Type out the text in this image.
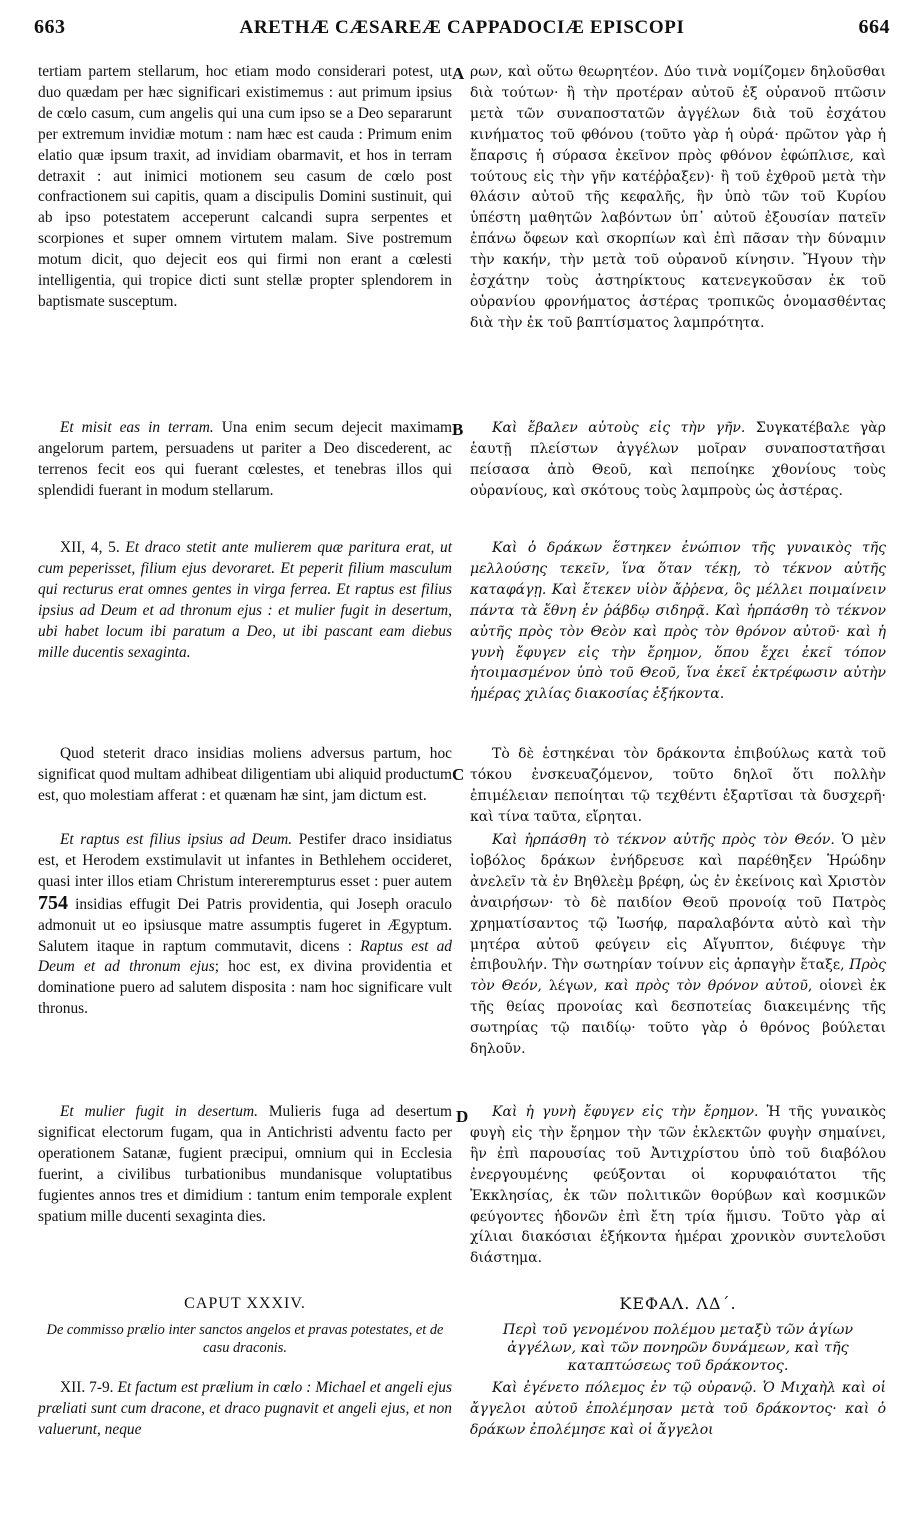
663	ARETHÆ CÆSAREÆ CAPPADOCIÆ EPISCOPI	664
A
B
C
D

tertiam partem stellarum, hoc etiam modo considerari potest, ut duo quædam per hæc significari existimemus : aut primum ipsius de cœlo casum, cum angelis qui una cum ipso se a Deo separarunt per extremum invidiæ motum : nam hæc est cauda : Primum enim elatio quæ ipsum traxit, ad invidiam obarmavit, et hos in terram detraxit : aut inimici motionem seu casum de cœlo post confractionem sui capitis, quam a discipulis Domini sustinuit, qui ab ipso potestatem acceperunt calcandi supra serpentes et scorpiones et super omnem virtutem malam. Sive postremum motum dicit, quo dejecit eos qui firmi non erant a cœlesti intelligentia, qui tropice dicti sunt stellæ propter splendorem in baptismate susceptum.

Et misit eas in terram. Una enim secum dejecit maximam angelorum partem, persuadens ut pariter a Deo discederent, ac terrenos fecit eos qui fuerant cœlestes, et tenebras illos qui splendidi fuerant in modum stellarum.

XII, 4, 5. Et draco stetit ante mulierem quæ paritura erat, ut cum peperisset, filium ejus devoraret. Et peperit filium masculum qui recturus erat omnes gentes in virga ferrea. Et raptus est filius ipsius ad Deum et ad thronum ejus : et mulier fugit in desertum, ubi habet locum ibi paratum a Deo, ut ibi pascant eam diebus mille ducentis sexaginta.

Quod steterit draco insidias moliens adversus partum, hoc significat quod multam adhibeat diligentiam ubi aliquid productum est, quo molestiam afferat : et quænam hæ sint, jam dictum est.

Et raptus est filius ipsius ad Deum. Pestifer draco insidiatus est, et Herodem exstimulavit ut infantes in Bethlehem occideret, quasi inter illos etiam Christum intererempturus esset : puer autem 754 insidias effugit Dei Patris providentia, qui Joseph oraculo admonuit ut eo ipsiusque matre assumptis fugeret in Ægyptum. Salutem itaque in raptum commutavit, dicens : Raptus est ad Deum et ad thronum ejus; hoc est, ex divina providentia et dominatione puero ad salutem disposita : nam hoc significare vult thronus.

Et mulier fugit in desertum. Mulieris fuga ad desertum significat electorum fugam, qua in Antichristi adventu facto per operationem Satanæ, fugient præcipui, omnium qui in Ecclesia fuerint, a civilibus turbationibus mundanisque voluptatibus fugientes annos tres et dimidium : tantum enim temporale explent spatium mille ducenti sexaginta dies.

CAPUT XXXIV.

De commisso prælio inter sanctos angelos et pravas potestates, et de casu draconis.

XII. 7-9. Et factum est prælium in cœlo : Michael et angeli ejus præliati sunt cum dracone, et draco pugnavit et angeli ejus, et non valuerunt, neque

ρων, καὶ οὕτω θεωρητέον. Δύο τινὰ νομίζομεν δηλοῦσθαι διὰ τούτων· ἢ τὴν προτέραν αὐτοῦ ἐξ οὐρανοῦ πτῶσιν μετὰ τῶν συναποστατῶν ἀγγέλων διὰ τοῦ ἐσχάτου κινήματος τοῦ φθόνου (τοῦτο γὰρ ἡ οὐρά· πρῶτον γὰρ ἡ ἔπαρσις ἡ σύρασα ἐκεῖνον πρὸς φθόνον ἐφώπλισε, καὶ τούτους εἰς τὴν γῆν κατέῤῥαξεν)· ἢ τοῦ ἐχθροῦ μετὰ τὴν θλάσιν αὐτοῦ τῆς κεφαλῆς, ἣν ὑπὸ τῶν τοῦ Κυρίου ὑπέστη μαθητῶν λαβόντων ὑπ᾿ αὐτοῦ ἐξουσίαν πατεῖν ἐπάνω ὄφεων καὶ σκορπίων καὶ ἐπὶ πᾶσαν τὴν δύναμιν τὴν κακήν, τὴν μετὰ τοῦ οὐρανοῦ κίνησιν. Ἤγουν τὴν ἐσχάτην τοὺς ἀστηρίκτους κατενεγκοῦσαν ἐκ τοῦ οὐρανίου φρονήματος ἀστέρας τροπικῶς ὀνομασθέντας διὰ τὴν ἐκ τοῦ βαπτίσματος λαμπρότητα.

Καὶ ἔβαλεν αὐτοὺς εἰς τὴν γῆν. Συγκατέβαλε γὰρ ἑαυτῇ πλείστων ἀγγέλων μοῖραν συναποστατῆσαι πείσασα ἀπὸ Θεοῦ, καὶ πεποίηκε χθονίους τοὺς οὐρανίους, καὶ σκότους τοὺς λαμπροὺς ὡς ἀστέρας.

Καὶ ὁ δράκων ἕστηκεν ἐνώπιον τῆς γυναικὸς τῆς μελλούσης τεκεῖν, ἵνα ὅταν τέκῃ, τὸ τέκνον αὐτῆς καταφάγῃ. Καὶ ἔτεκεν υἱὸν ἄῤῥενα, ὃς μέλλει ποιμαίνειν πάντα τὰ ἔθνη ἐν ῥάβδῳ σιδηρᾷ. Καὶ ἡρπάσθη τὸ τέκνον αὐτῆς πρὸς τὸν Θεὸν καὶ πρὸς τὸν θρόνον αὐτοῦ· καὶ ἡ γυνὴ ἔφυγεν εἰς τὴν ἔρημον, ὅπου ἔχει ἐκεῖ τόπον ἡτοιμασμένον ὑπὸ τοῦ Θεοῦ, ἵνα ἐκεῖ ἐκτρέφωσιν αὐτὴν ἡμέρας χιλίας διακοσίας ἑξήκοντα.

Τὸ δὲ ἑστηκέναι τὸν δράκοντα ἐπιβούλως κατὰ τοῦ τόκου ἐνσκευαζόμενον, τοῦτο δηλοῖ ὅτι πολλὴν ἐπιμέλειαν πεποίηται τῷ τεχθέντι ἐξαρτῖσαι τὰ δυσχερῆ· καὶ τίνα ταῦτα, εἴρηται.

Καὶ ἡρπάσθη τὸ τέκνον αὐτῆς πρὸς τὸν Θεόν. Ὁ μὲν ἰοβόλος δράκων ἐνήδρευσε καὶ παρέθηξεν Ἡρώδην ἀνελεῖν τὰ ἐν Βηθλεὲμ βρέφη, ὡς ἐν ἐκείνοις καὶ Χριστὸν ἀναιρήσων· τὸ δὲ παιδίον Θεοῦ προνοίᾳ τοῦ Πατρὸς χρηματίσαντος τῷ Ἰωσήφ, παραλαβόντα αὐτὸ καὶ τὴν μητέρα αὐτοῦ φεύγειν εἰς Αἴγυπτον, διέφυγε τὴν ἐπιβουλήν. Τὴν σωτηρίαν τοίνυν εἰς ἁρπαγὴν ἔταξε, Πρὸς τὸν Θεόν, λέγων, καὶ πρὸς τὸν θρόνον αὐτοῦ, οἱονεὶ ἐκ τῆς θείας προνοίας καὶ δεσποτείας διακειμένης τῆς σωτηρίας τῷ παιδίῳ· τοῦτο γὰρ ὁ θρόνος βούλεται δηλοῦν.

Καὶ ἡ γυνὴ ἔφυγεν εἰς τὴν ἔρημον. Ἡ τῆς γυναικὸς φυγὴ εἰς τὴν ἔρημον τὴν τῶν ἐκλεκτῶν φυγὴν σημαίνει, ἣν ἐπὶ παρουσίας τοῦ Ἀντιχρίστου ὑπὸ τοῦ διαβόλου ἐνεργουμένης φεύξονται οἱ κορυφαιότατοι τῆς Ἐκκλησίας, ἐκ τῶν πολιτικῶν θορύβων καὶ κοσμικῶν φεύγοντες ἡδονῶν ἐπὶ ἔτη τρία ἥμισυ. Τοῦτο γὰρ αἱ χίλιαι διακόσιαι ἑξήκοντα ἡμέραι χρονικὸν συντελοῦσι διάστημα.

ΚΕΦΑΛ. ΛΔ´.

Περὶ τοῦ γενομένου πολέμου μεταξὺ τῶν ἁγίων ἀγγέλων, καὶ τῶν πονηρῶν δυνάμεων, καὶ τῆς καταπτώσεως τοῦ δράκοντος.

Καὶ ἐγένετο πόλεμος ἐν τῷ οὐρανῷ. Ὁ Μιχαὴλ καὶ οἱ ἄγγελοι αὐτοῦ ἐπολέμησαν μετὰ τοῦ δράκοντος· καὶ ὁ δράκων ἐπολέμησε καὶ οἱ ἄγγελοι
